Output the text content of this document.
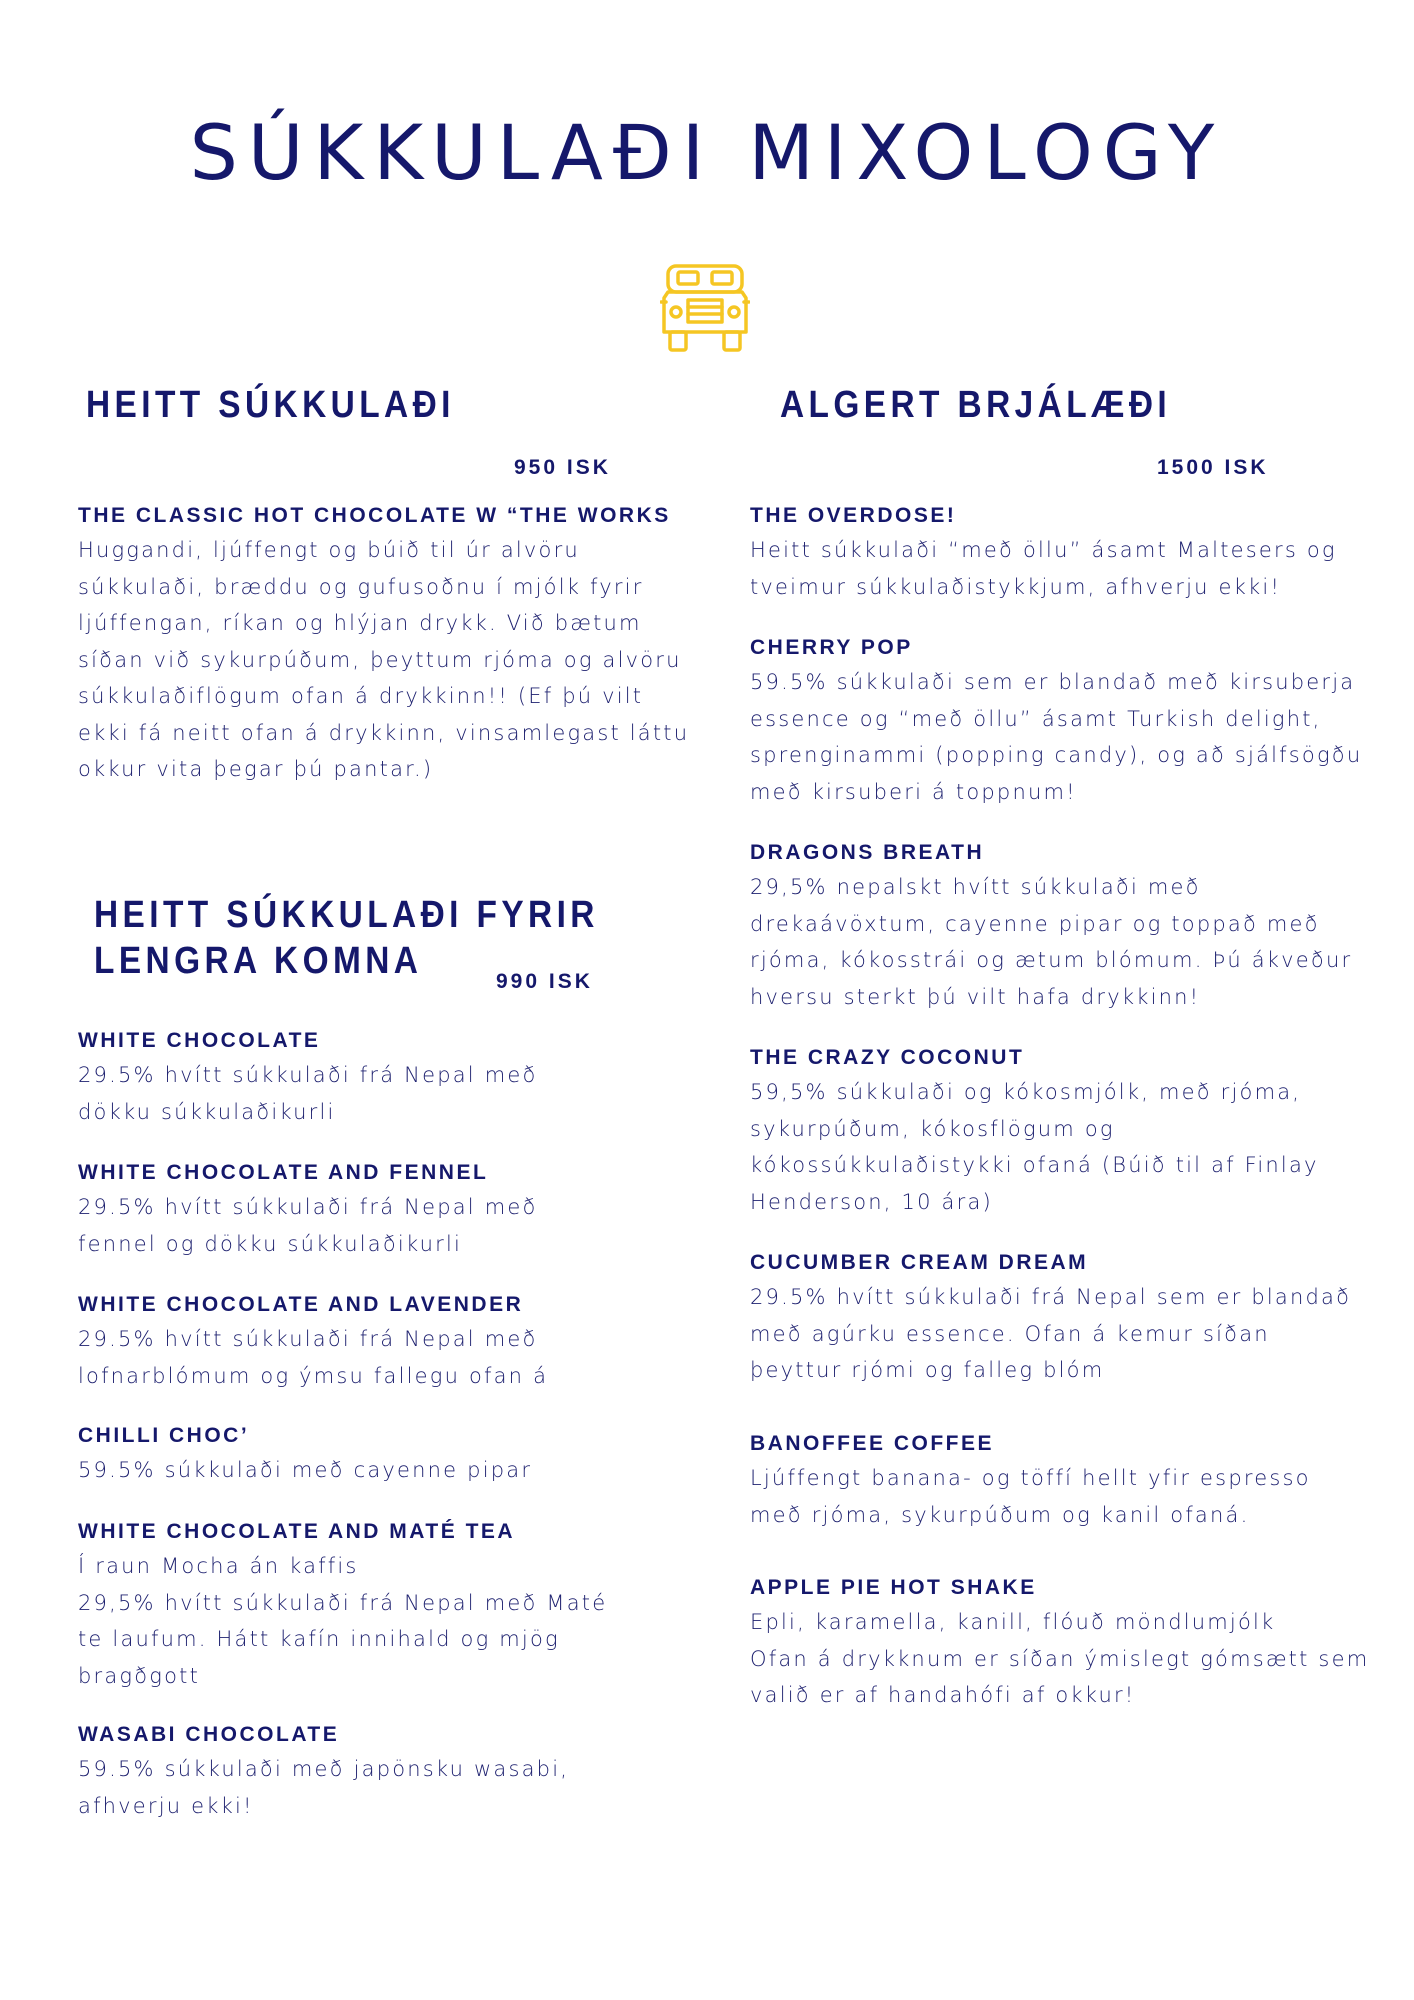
SÚKKULAÐI MIXOLOGY
HEITT SÚKKULAÐI
950 ISK

THE CLASSIC HOT CHOCOLATE W “THE WORKS

Huggandi, ljúffengt og búið til úr alvöru
súkkulaði, bræddu og gufusoðnu í mjólk fyrir
ljúffengan, ríkan og hlýjan drykk. Við bætum
síðan við sykurpúðum, þeyttum rjóma og alvöru
súkkulaðiflögum ofan á drykkinn!! (Ef þú vilt
ekki fá neitt ofan á drykkinn, vinsamlegast láttu
okkur vita þegar þú pantar.)

HEITT SÚKKULAÐI FYRIR
LENGRA KOMNA	990 ISK

WHITE CHOCOLATE

29.5% hvítt súkkulaði frá Nepal með
dökku súkkulaðikurli

WHITE CHOCOLATE AND FENNEL

29.5% hvítt súkkulaði frá Nepal með
fennel og dökku súkkulaðikurli

WHITE CHOCOLATE AND LAVENDER

29.5% hvítt súkkulaði frá Nepal með
lofnarblómum og ýmsu fallegu ofan á

CHILLI CHOC’

59.5% súkkulaði með cayenne pipar

WHITE CHOCOLATE AND MATÉ TEA

Í raun Mocha án kaffis
29,5% hvítt súkkulaði frá Nepal með Maté
te laufum. Hátt kafín innihald og mjög
bragðgott

WASABI CHOCOLATE

59.5% súkkulaði með japönsku wasabi,
afhverju ekki!

ALGERT BRJÁLÆÐI
1500 ISK

THE OVERDOSE!

Heitt súkkulaði “með öllu” ásamt Maltesers og
tveimur súkkulaðistykkjum, afhverju ekki!

CHERRY POP

59.5% súkkulaði sem er blandað með kirsuberja
essence og “með öllu” ásamt Turkish delight,
sprenginammi (popping candy), og að sjálfsögðu
með kirsuberi á toppnum!

DRAGONS BREATH

29,5% nepalskt hvítt súkkulaði með
drekaávöxtum, cayenne pipar og toppað með
rjóma, kókosstrái og ætum blómum. Þú ákveður
hversu sterkt þú vilt hafa drykkinn!

THE CRAZY COCONUT

59,5% súkkulaði og kókosmjólk, með rjóma,
sykurpúðum, kókosflögum og
kókossúkkulaðistykki ofaná (Búið til af Finlay
Henderson, 10 ára)

CUCUMBER CREAM DREAM

29.5% hvítt súkkulaði frá Nepal sem er blandað
með agúrku essence. Ofan á kemur síðan
þeyttur rjómi og falleg blóm

BANOFFEE COFFEE

Ljúffengt banana- og töffí hellt yfir espresso
með rjóma, sykurpúðum og kanil ofaná.

APPLE PIE HOT SHAKE

Epli, karamella, kanill, flóuð möndlumjólk
Ofan á drykknum er síðan ýmislegt gómsætt sem
valið er af handahófi af okkur!
